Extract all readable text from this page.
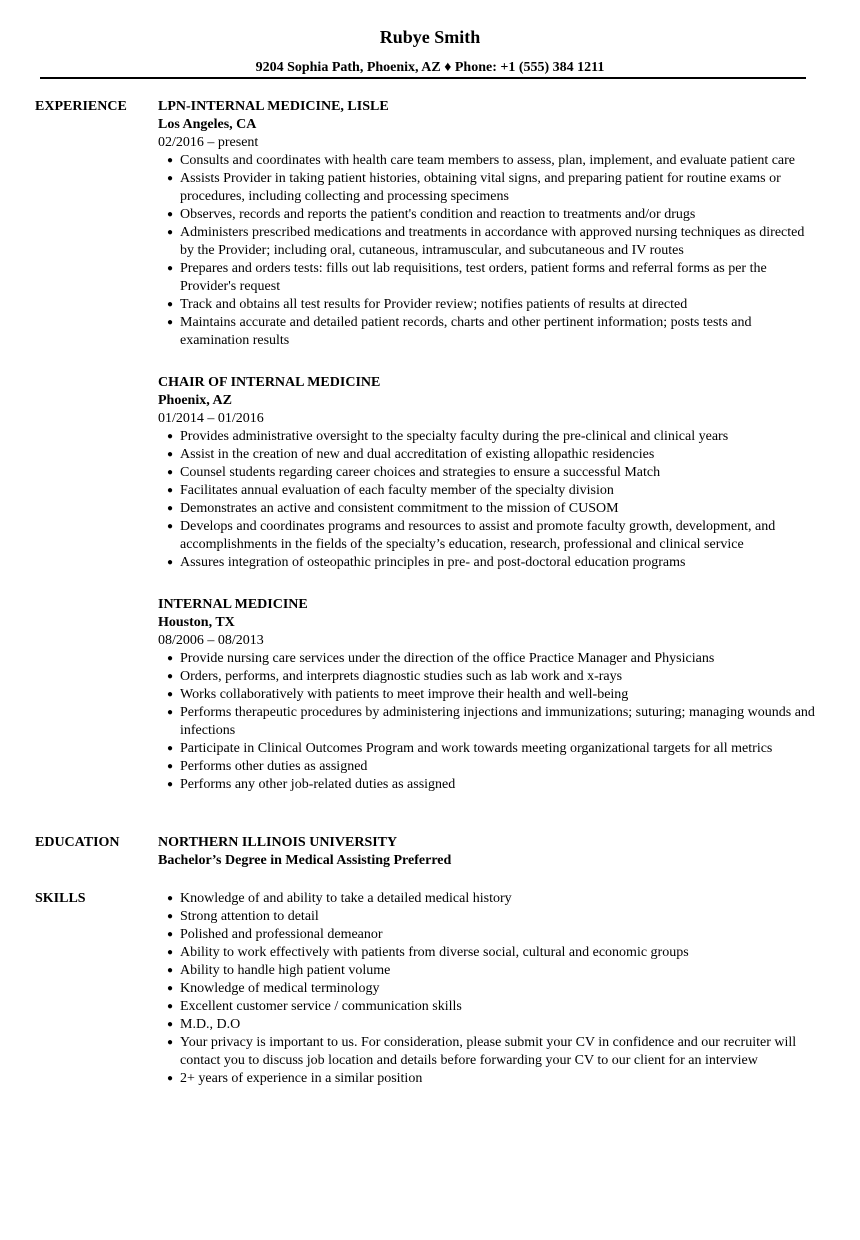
Rubye Smith
9204 Sophia Path, Phoenix, AZ ♦ Phone: +1 (555) 384 1211
EXPERIENCE LPN-INTERNAL MEDICINE, LISLE
Los Angeles, CA
02/2016 – present
● Consults and coordinates with health care team members to assess, plan, implement, and evaluate patient care
● Assists Provider in taking patient histories, obtaining vital signs, and preparing patient for routine exams or procedures, including collecting and processing specimens
● Observes, records and reports the patient's condition and reaction to treatments and/or drugs
● Administers prescribed medications and treatments in accordance with approved nursing techniques as directed by the Provider; including oral, cutaneous, intramuscular, and subcutaneous and IV routes
● Prepares and orders tests: fills out lab requisitions, test orders, patient forms and referral forms as per the Provider's request
● Track and obtains all test results for Provider review; notifies patients of results at directed
● Maintains accurate and detailed patient records, charts and other pertinent information; posts tests and examination results
CHAIR OF INTERNAL MEDICINE
Phoenix, AZ
01/2014 – 01/2016
● Provides administrative oversight to the specialty faculty during the pre-clinical and clinical years
● Assist in the creation of new and dual accreditation of existing allopathic residencies
● Counsel students regarding career choices and strategies to ensure a successful Match
● Facilitates annual evaluation of each faculty member of the specialty division
● Demonstrates an active and consistent commitment to the mission of CUSOM
● Develops and coordinates programs and resources to assist and promote faculty growth, development, and accomplishments in the fields of the specialty’s education, research, professional and clinical service
● Assures integration of osteopathic principles in pre- and post-doctoral education programs
INTERNAL MEDICINE
Houston, TX
08/2006 – 08/2013
● Provide nursing care services under the direction of the office Practice Manager and Physicians
● Orders, performs, and interprets diagnostic studies such as lab work and x-rays
● Works collaboratively with patients to meet improve their health and well-being
● Performs therapeutic procedures by administering injections and immunizations; suturing; managing wounds and infections
● Participate in Clinical Outcomes Program and work towards meeting organizational targets for all metrics
● Performs other duties as assigned
● Performs any other job-related duties as assigned
EDUCATION	NORTHERN ILLINOIS UNIVERSITY
Bachelor’s Degree in Medical Assisting Preferred
SKILLS	● Knowledge of and ability to take a detailed medical history
● Strong attention to detail
● Polished and professional demeanor
● Ability to work effectively with patients from diverse social, cultural and economic groups
● Ability to handle high patient volume
● Knowledge of medical terminology
● Excellent customer service / communication skills
● M.D., D.O
● Your privacy is important to us. For consideration, please submit your CV in confidence and our recruiter will contact you to discuss job location and details before forwarding your CV to our client for an interview
● 2+ years of experience in a similar position
